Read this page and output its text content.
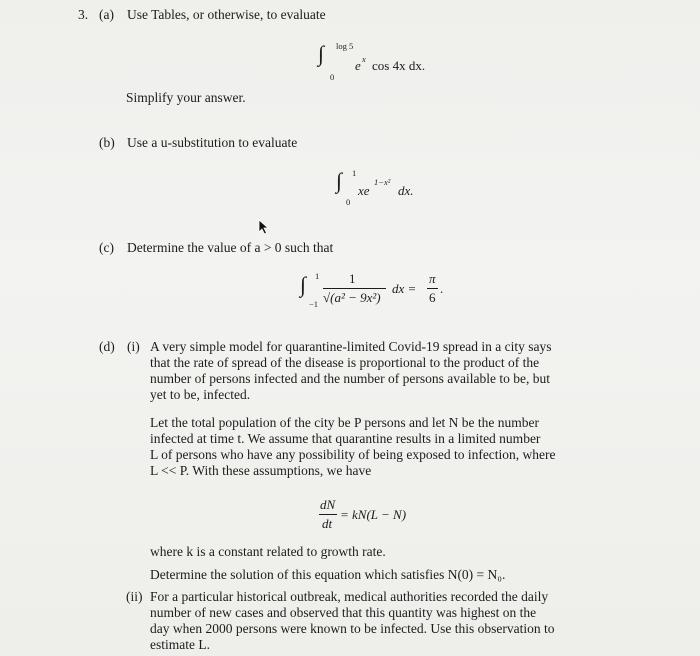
3. (a) Use Tables, or otherwise, to evaluate
∫ log 5
0
e x cos 4x dx.
Simplify your answer.
(b) Use a u-substitution to evaluate
∫ 1
0
xe
1−x²
dx.
(c) Determine the value of a > 0 such that
∫ 1
−1
1
√(a² − 9x²)
dx =
π
6
.
(d) (i) A very simple model for quarantine-limited Covid-19 spread in a city says
that the rate of spread of the disease is proportional to the product of the
number of persons infected and the number of persons available to be, but
yet to be, infected.
Let the total population of the city be P persons and let N be the number
infected at time t. We assume that quarantine results in a limited number
L of persons who have any possibility of being exposed to infection, where
L << P. With these assumptions, we have
dN
dt
= kN(L − N)
where k is a constant related to growth rate.
Determine the solution of this equation which satisfies N(0) = N₀.
(ii) For a particular historical outbreak, medical authorities recorded the daily
number of new cases and observed that this quantity was highest on the
day when 2000 persons were known to be infected. Use this observation to
estimate L.
